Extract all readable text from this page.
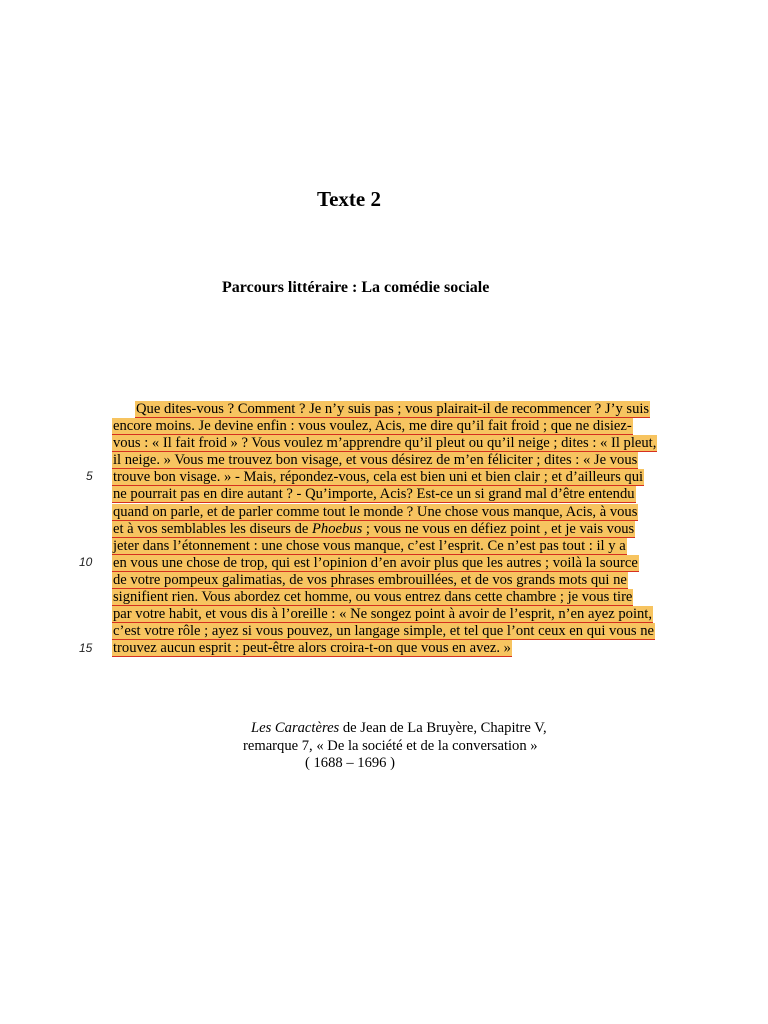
Texte 2
Parcours littéraire : La comédie sociale
5
10
15
Que dites-vous ? Comment ? Je n’y suis pas ; vous plairait-il de recommencer ? J’y suis
encore moins. Je devine enfin : vous voulez, Acis, me dire qu’il fait froid ; que ne disiez-
vous : « Il fait froid » ? Vous voulez m’apprendre qu’il pleut ou qu’il neige ; dites : « Il pleut,
il neige. » Vous me trouvez bon visage, et vous désirez de m’en féliciter ; dites : « Je vous
trouve bon visage. » - Mais, répondez-vous, cela est bien uni et bien clair ; et d’ailleurs qui
ne pourrait pas en dire autant ? - Qu’importe, Acis? Est-ce un si grand mal d’être entendu
quand on parle, et de parler comme tout le monde ? Une chose vous manque, Acis, à vous
et à vos semblables les diseurs de Phoebus ; vous ne vous en défiez point , et je vais vous
jeter dans l’étonnement : une chose vous manque, c’est l’esprit. Ce n’est pas tout : il y a
en vous une chose de trop, qui est l’opinion d’en avoir plus que les autres ; voilà la source
de votre pompeux galimatias, de vos phrases embrouillées, et de vos grands mots qui ne
signifient rien. Vous abordez cet homme, ou vous entrez dans cette chambre ; je vous tire
par votre habit, et vous dis à l’oreille : « Ne songez point à avoir de l’esprit, n’en ayez point,
c’est votre rôle ; ayez si vous pouvez, un langage simple, et tel que l’ont ceux en qui vous ne
trouvez aucun esprit : peut-être alors croira-t-on que vous en avez. »
Les Caractères de Jean de La Bruyère, Chapitre V,
remarque 7, « De la société et de la conversation »
( 1688 – 1696 )
